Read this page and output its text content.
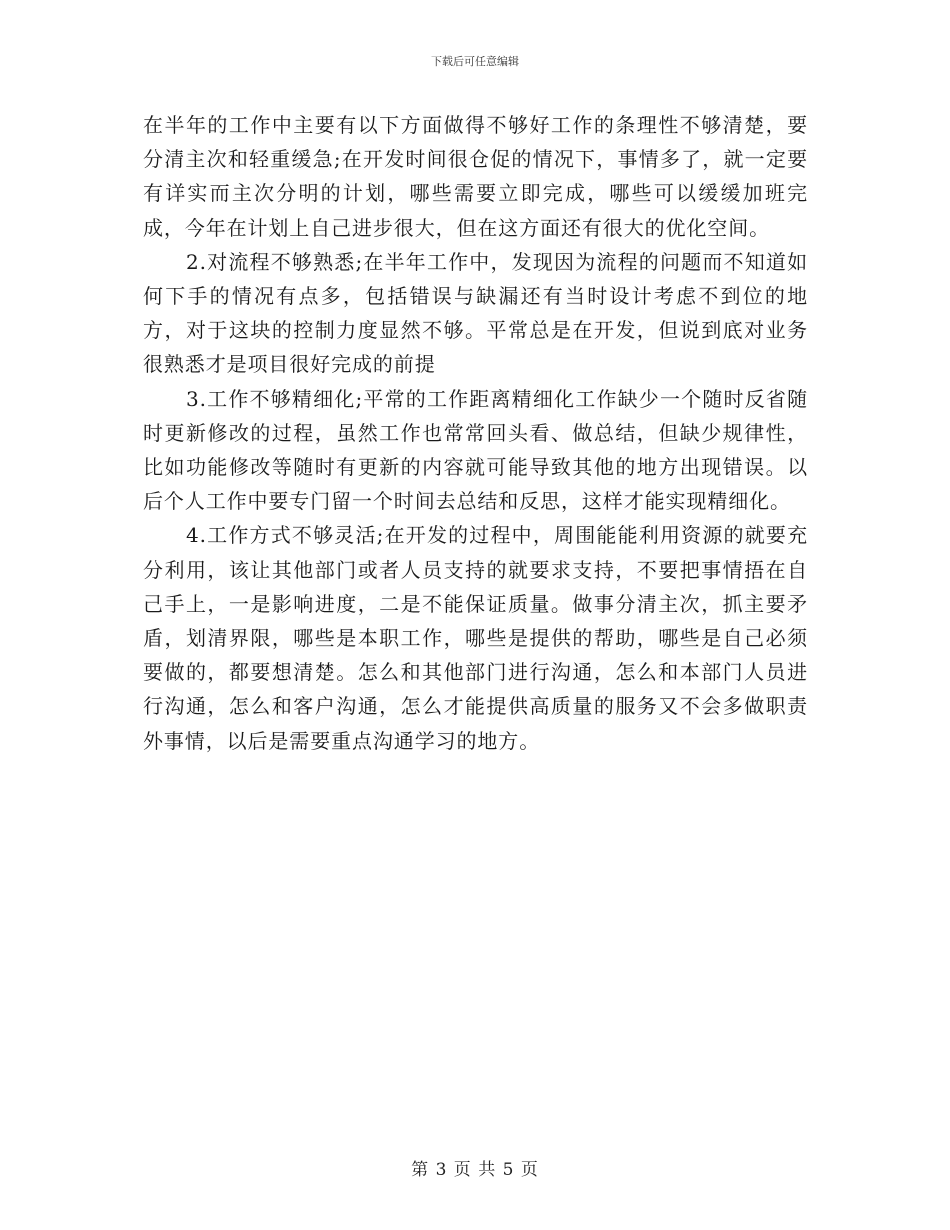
下载后可任意编辑

在半年的工作中主要有以下方面做得不够好工作的条理性不够清楚，要分清主次和轻重缓急;在开发时间很仓促的情况下，事情多了，就一定要有详实而主次分明的计划，哪些需要立即完成，哪些可以缓缓加班完成，今年在计划上自己进步很大，但在这方面还有很大的优化空间。

2.对流程不够熟悉;在半年工作中，发现因为流程的问题而不知道如何下手的情况有点多，包括错误与缺漏还有当时设计考虑不到位的地方，对于这块的控制力度显然不够。平常总是在开发，但说到底对业务很熟悉才是项目很好完成的前提

3.工作不够精细化;平常的工作距离精细化工作缺少一个随时反省随时更新修改的过程，虽然工作也常常回头看、做总结，但缺少规律性，比如功能修改等随时有更新的内容就可能导致其他的地方出现错误。以后个人工作中要专门留一个时间去总结和反思，这样才能实现精细化。

4.工作方式不够灵活;在开发的过程中，周围能能利用资源的就要充分利用，该让其他部门或者人员支持的就要求支持，不要把事情捂在自己手上，一是影响进度，二是不能保证质量。做事分清主次，抓主要矛盾，划清界限，哪些是本职工作，哪些是提供的帮助，哪些是自己必须要做的，都要想清楚。怎么和其他部门进行沟通，怎么和本部门人员进行沟通，怎么和客户沟通，怎么才能提供高质量的服务又不会多做职责外事情，以后是需要重点沟通学习的地方。

第 3 页 共 5 页
